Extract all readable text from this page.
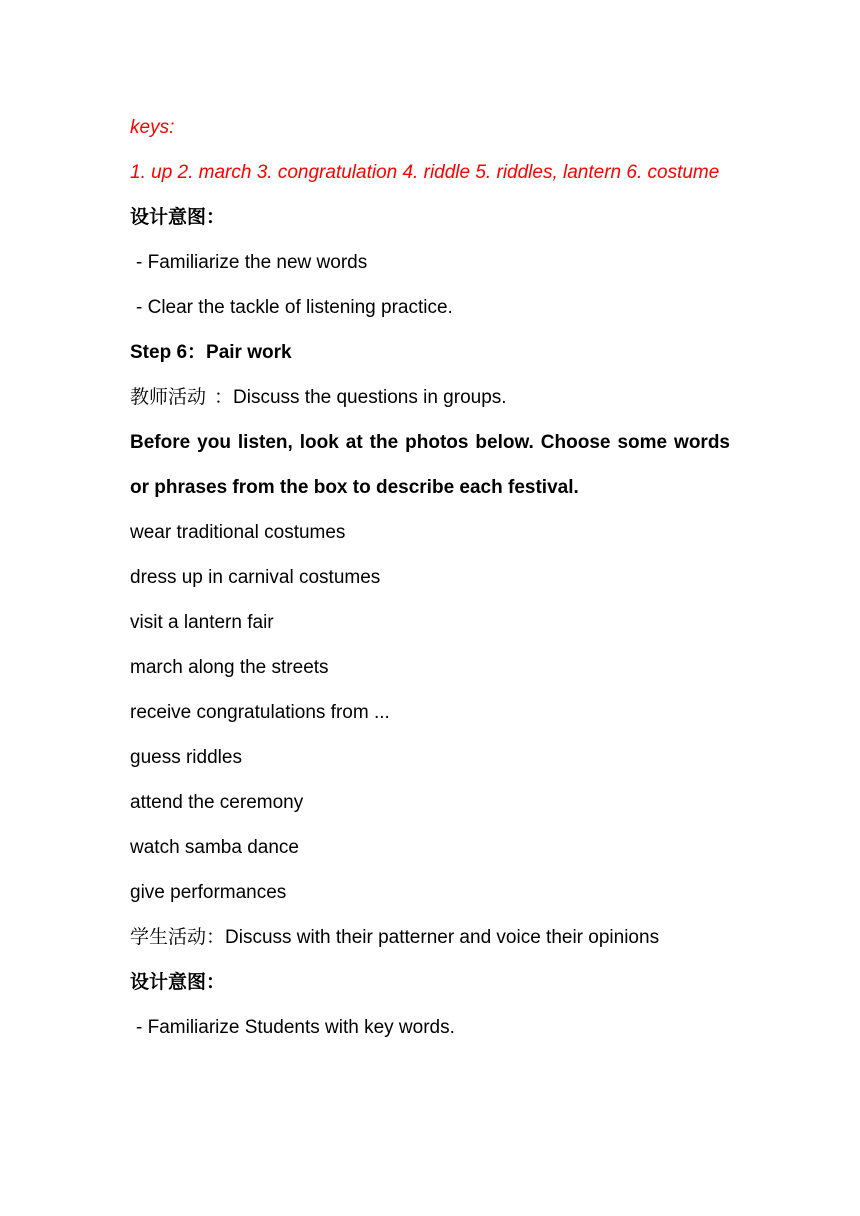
keys:

1. up 2. march 3. congratulation 4. riddle 5. riddles, lantern 6. costume

设计意图：

- Familiarize the new words

- Clear the tackle of listening practice.

Step 6：Pair work

教师活动 ：Discuss the questions in groups.

Before you listen, look at the photos below. Choose some words or phrases from the box to describe each festival.

wear traditional costumes

dress up in carnival costumes

visit a lantern fair

march along the streets

receive congratulations from ...

guess riddles

attend the ceremony

watch samba dance

give performances

学生活动：Discuss with their patterner and voice their opinions

设计意图：

- Familiarize Students with key words.
